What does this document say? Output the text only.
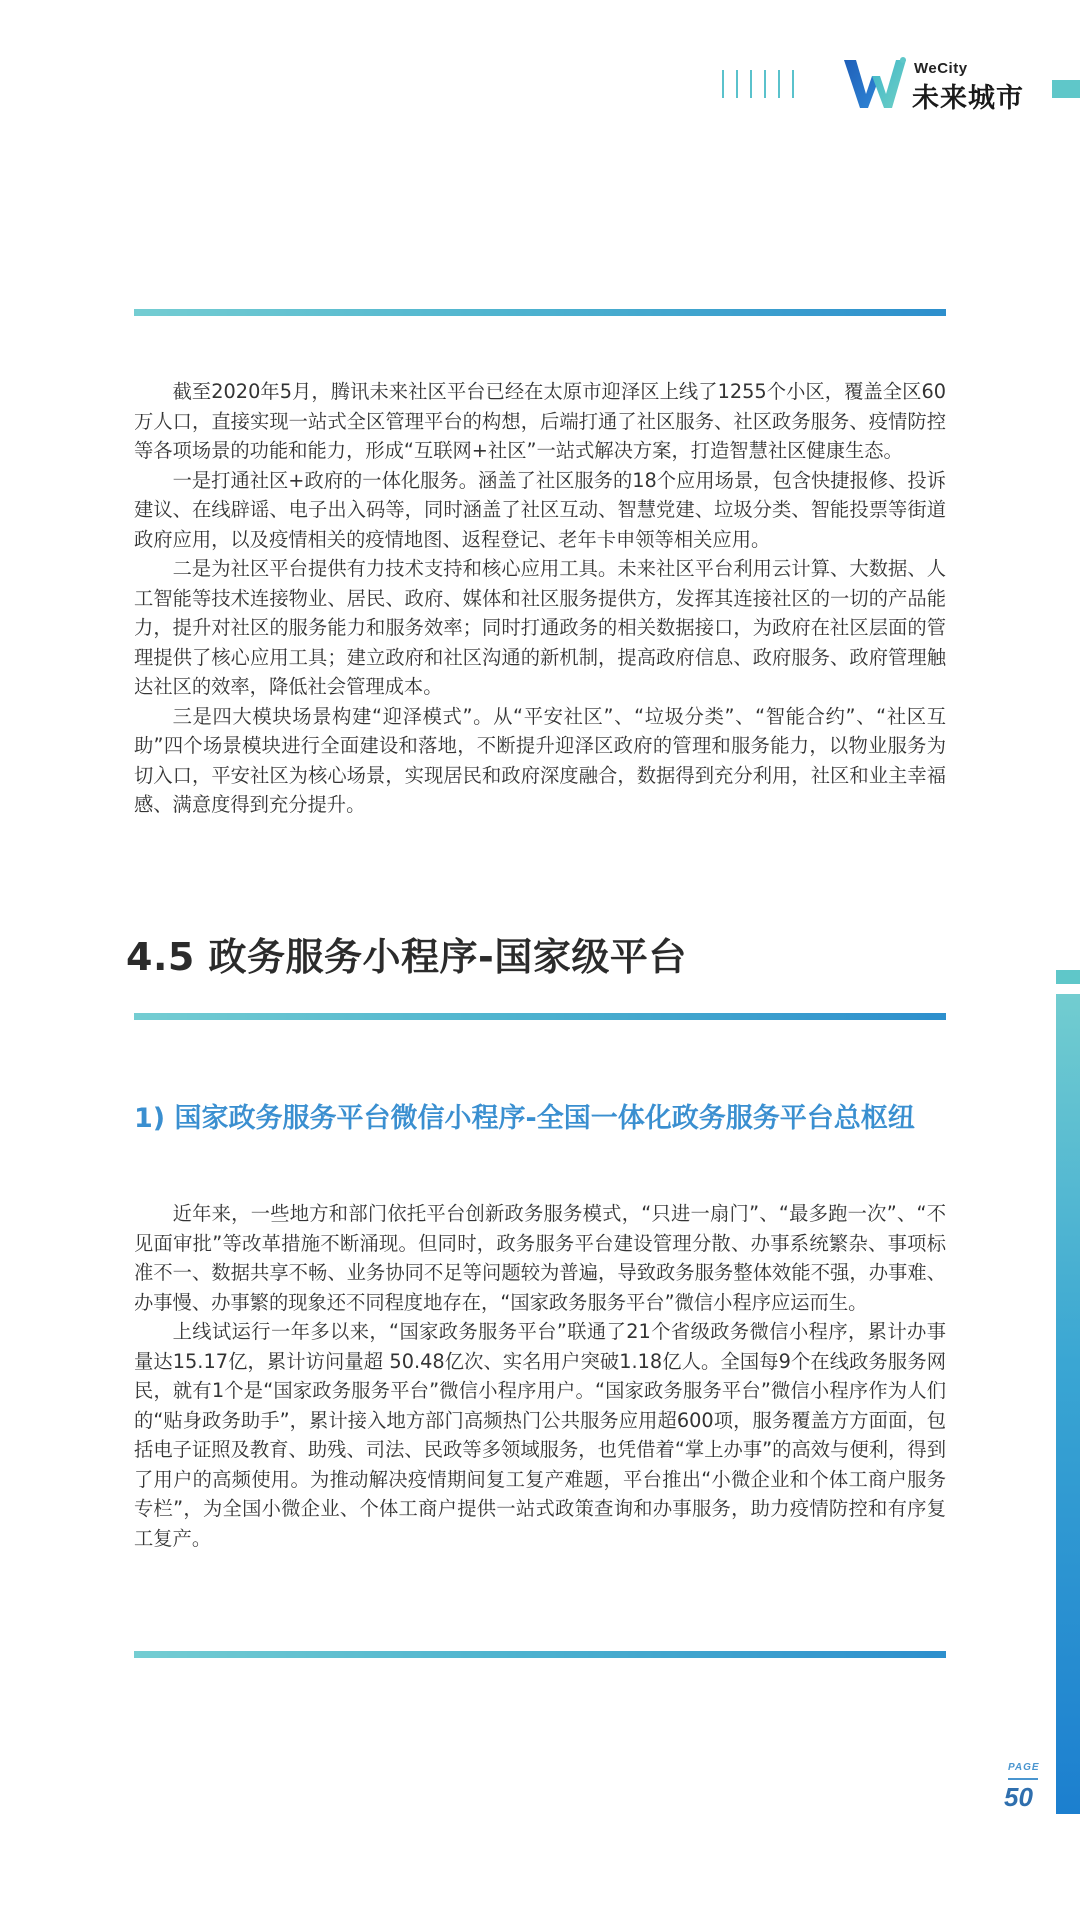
WeCity
未来城市

截至2020年5月，腾讯未来社区平台已经在太原市迎泽区上线了1255个小区，覆盖全区60万人口，直接实现一站式全区管理平台的构想，后端打通了社区服务、社区政务服务、疫情防控等各项场景的功能和能力，形成“互联网+社区”一站式解决方案，打造智慧社区健康生态。

一是打通社区+政府的一体化服务。涵盖了社区服务的18个应用场景，包含快捷报修、投诉建议、在线辟谣、电子出入码等，同时涵盖了社区互动、智慧党建、垃圾分类、智能投票等街道政府应用，以及疫情相关的疫情地图、返程登记、老年卡申领等相关应用。

二是为社区平台提供有力技术支持和核心应用工具。未来社区平台利用云计算、大数据、人工智能等技术连接物业、居民、政府、媒体和社区服务提供方，发挥其连接社区的一切的产品能力，提升对社区的服务能力和服务效率；同时打通政务的相关数据接口，为政府在社区层面的管理提供了核心应用工具；建立政府和社区沟通的新机制，提高政府信息、政府服务、政府管理触达社区的效率，降低社会管理成本。

三是四大模块场景构建“迎泽模式”。从“平安社区”、“垃圾分类”、“智能合约”、“社区互助”四个场景模块进行全面建设和落地，不断提升迎泽区政府的管理和服务能力，以物业服务为切入口，平安社区为核心场景，实现居民和政府深度融合，数据得到充分利用，社区和业主幸福感、满意度得到充分提升。

4.5 政务服务小程序-国家级平台
1) 国家政务服务平台微信小程序-全国一体化政务服务平台总枢纽

近年来，一些地方和部门依托平台创新政务服务模式，“只进一扇门”、“最多跑一次”、“不见面审批”等改革措施不断涌现。但同时，政务服务平台建设管理分散、办事系统繁杂、事项标准不一、数据共享不畅、业务协同不足等问题较为普遍，导致政务服务整体效能不强，办事难、办事慢、办事繁的现象还不同程度地存在，“国家政务服务平台”微信小程序应运而生。

上线试运行一年多以来，“国家政务服务平台”联通了21个省级政务微信小程序，累计办事量达15.17亿，累计访问量超 50.48亿次、实名用户突破1.18亿人。全国每9个在线政务服务网民，就有1个是“国家政务服务平台”微信小程序用户。“国家政务服务平台”微信小程序作为人们的“贴身政务助手”，累计接入地方部门高频热门公共服务应用超600项，服务覆盖方方面面，包括电子证照及教育、助残、司法、民政等多领域服务，也凭借着“掌上办事”的高效与便利，得到了用户的高频使用。为推动解决疫情期间复工复产难题，平台推出“小微企业和个体工商户服务专栏”，为全国小微企业、个体工商户提供一站式政策查询和办事服务，助力疫情防控和有序复工复产。

PAGE
50
